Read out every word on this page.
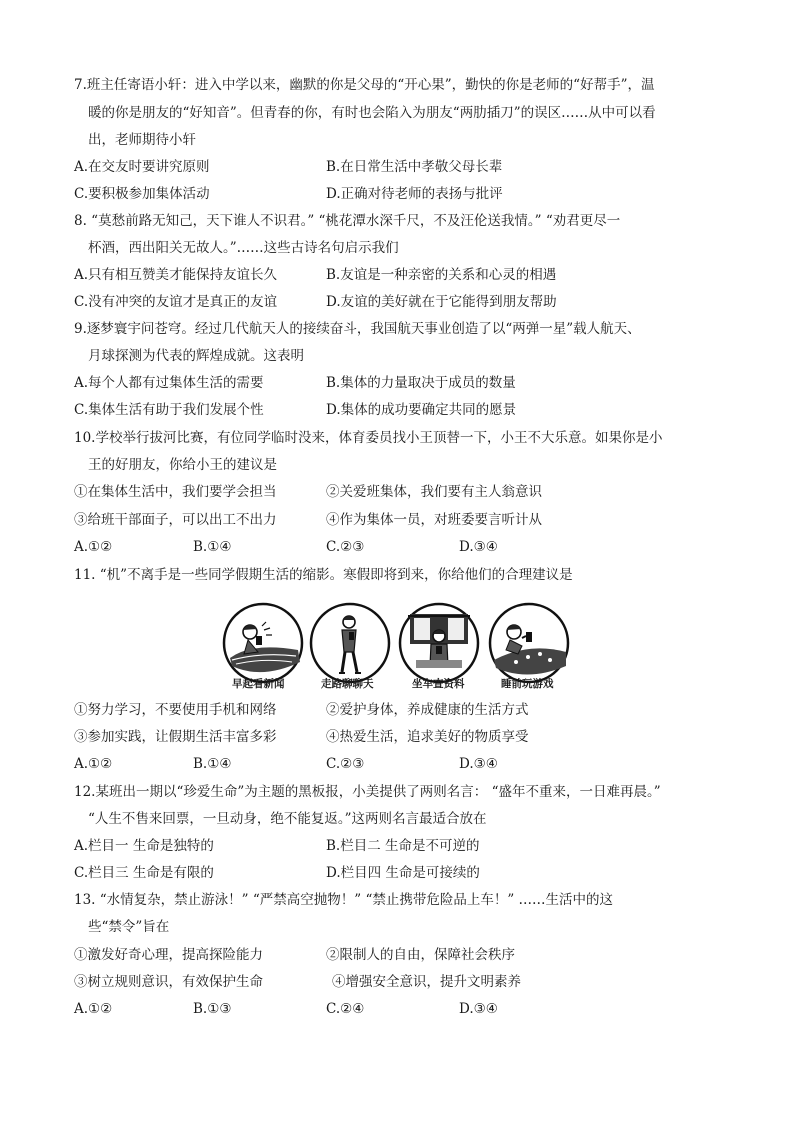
7.班主任寄语小轩：进入中学以来，幽默的你是父母的“开心果”，勤快的你是老师的“好帮手”，温
暖的你是朋友的“好知音”。但青春的你，有时也会陷入为朋友“两肋插刀”的误区……从中可以看
出，老师期待小轩
A.在交友时要讲究原则	B.在日常生活中孝敬父母长辈
C.要积极参加集体活动	D.正确对待老师的表扬与批评
8. “莫愁前路无知己，天下谁人不识君。” “桃花潭水深千尺，不及汪伦送我情。” “劝君更尽一
杯酒，西出阳关无故人。”……这些古诗名句启示我们
A.只有相互赞美才能保持友谊长久	B.友谊是一种亲密的关系和心灵的相遇
C.没有冲突的友谊才是真正的友谊	D.友谊的美好就在于它能得到朋友帮助
9.逐梦寰宇问苍穹。经过几代航天人的接续奋斗，我国航天事业创造了以“两弹一星”载人航天、
月球探测为代表的辉煌成就。这表明
A.每个人都有过集体生活的需要	B.集体的力量取决于成员的数量
C.集体生活有助于我们发展个性	D.集体的成功要确定共同的愿景
10.学校举行拔河比赛，有位同学临时没来，体育委员找小王顶替一下，小王不大乐意。如果你是小
王的好朋友，你给小王的建议是
①在集体生活中，我们要学会担当	②关爱班集体，我们要有主人翁意识
③给班干部面子，可以出工不出力	④作为集体一员，对班委要言听计从
A.①②	B.①④	C.②③	D.③④
11. “机”不离手是一些同学假期生活的缩影。寒假即将到来，你给他们的合理建议是
早起看新闻	走路聊聊天	坐车查资料	睡前玩游戏
①努力学习，不要使用手机和网络	②爱护身体，养成健康的生活方式
③参加实践，让假期生活丰富多彩	④热爱生活，追求美好的物质享受
A.①②	B.①④	C.②③	D.③④
12.某班出一期以“珍爱生命”为主题的黑板报，小美提供了两则名言： “盛年不重来，一日难再晨。”
“人生不售来回票，一旦动身，绝不能复返。”这两则名言最适合放在
A.栏目一 生命是独特的	B.栏目二 生命是不可逆的
C.栏目三 生命是有限的	D.栏目四 生命是可接续的
13. “水情复杂，禁止游泳！” “严禁高空抛物！” “禁止携带危险品上车！” ……生活中的这
些“禁令”旨在
①激发好奇心理，提高探险能力	②限制人的自由，保障社会秩序
③树立规则意识，有效保护生命	④增强安全意识，提升文明素养
A.①②	B.①③	C.②④	D.③④
